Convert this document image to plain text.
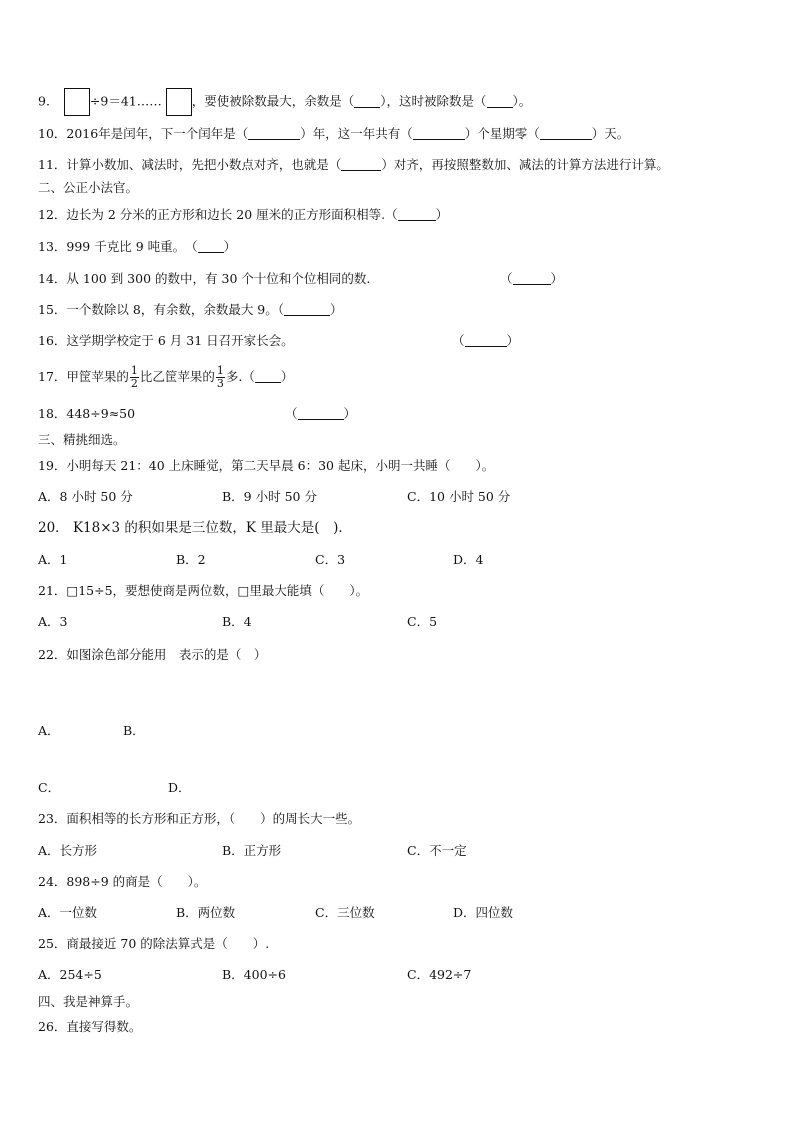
9.	÷9＝41…… ，要使被除数最大，余数是（ ），这时被除数是（ ）。
10．2016年是闰年，下一个闰年是（	）年，这一年共有（	）个星期零（	）天。
11．计算小数加、减法时，先把小数点对齐，也就是（	）对齐，再按照整数加、减法的计算方法进行计算。
二、公正小法官。
12．边长为 2 分米的正方形和边长 20 厘米的正方形面积相等.（	）
13．999 千克比 9 吨重。　（ ）
14．从 100 到 300 的数中，有 30 个十位和个位相同的数.	（	）
15．一个数除以 8，有余数，余数最大 9。（	）
16．这学期学校定于 6 月 31 日召开家长会。	（	）
17．甲筐苹果的 $\frac{1}{2}$ 比乙筐苹果的 $\frac{1}{3}$ 多.（ ）
18．448÷9≈50	（	）
三、精挑细选。
19．小明每天 21：40 上床睡觉，第二天早晨 6：30 起床，小明一共睡（　　）。
A．8 小时 50 分	B．9 小时 50 分	C．10 小时 50 分
20． K18×3 的积如果是三位数，K 里最大是(　)．
A．1	B．2	C．3	D．4
21．□15÷5，要想使商是两位数，□里最大能填（　　）。
A．3	B．4	C．5
22．如图涂色部分能用　表示的是（　）
A．	B．
C．	D．
23．面积相等的长方形和正方形，（　　）的周长大一些。
A．长方形	B．正方形	C．不一定
24．898÷9 的商是（　　）。
A．一位数	B．两位数	C．三位数	D．四位数
25．商最接近 70 的除法算式是（　　）.
A．254÷5	B．400÷6	C．492÷7
四、我是神算手。
26．直接写得数。
